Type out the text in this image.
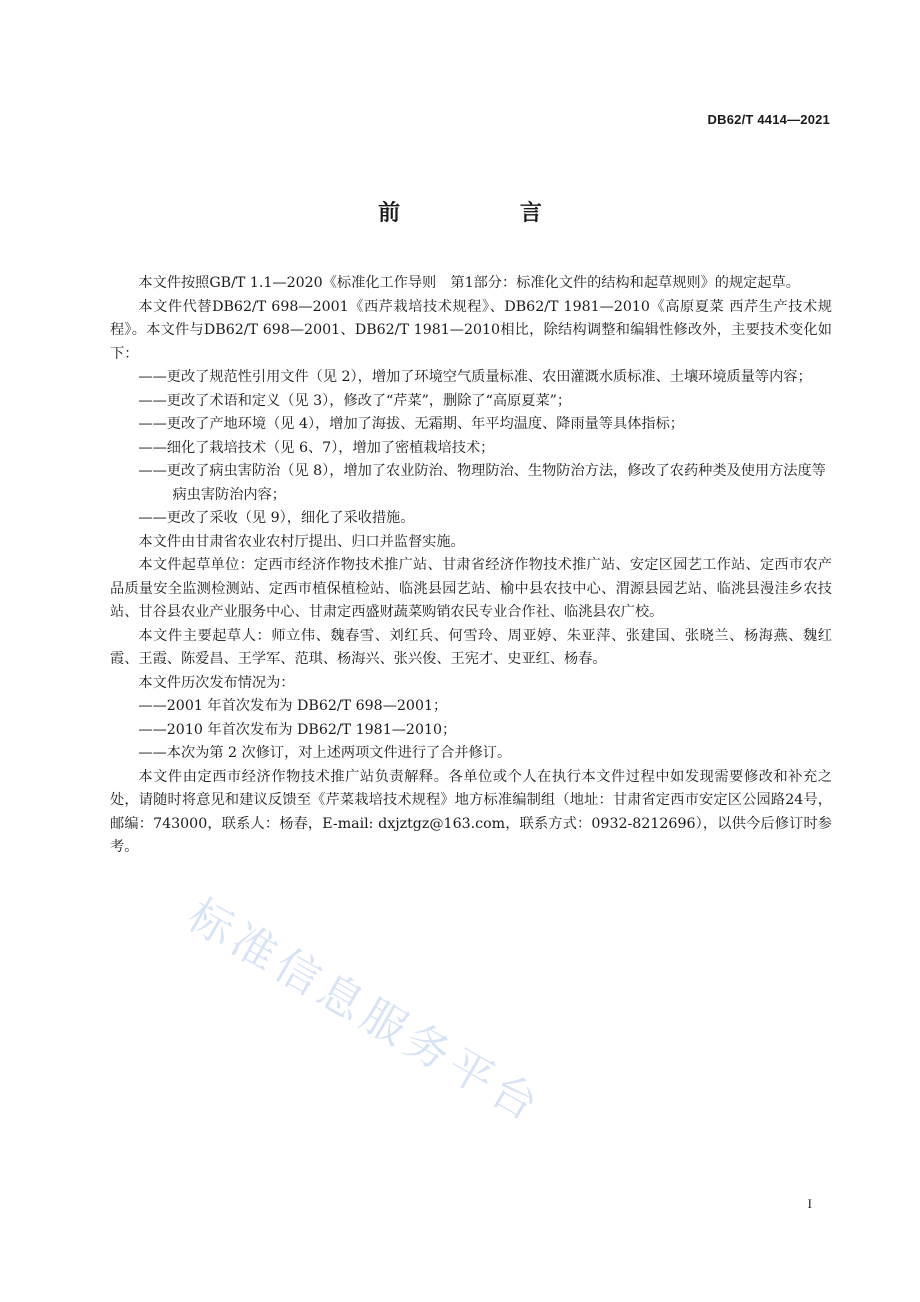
DB62/T 4414—2021
前 言

本文件按照GB/T 1.1—2020《标准化工作导则　第1部分：标准化文件的结构和起草规则》的规定起草。

本文件代替DB62/T 698—2001《西芹栽培技术规程》、DB62/T 1981—2010《高原夏菜 西芹生产技术规程》。本文件与DB62/T 698—2001、DB62/T 1981—2010相比，除结构调整和编辑性修改外，主要技术变化如下：

——更改了规范性引用文件（见 2），增加了环境空气质量标准、农田灌溉水质标准、土壤环境质量等内容；

——更改了术语和定义（见 3），修改了“芹菜”，删除了“高原夏菜”；

——更改了产地环境（见 4），增加了海拔、无霜期、年平均温度、降雨量等具体指标；

——细化了栽培技术（见 6、7），增加了密植栽培技术；

——更改了病虫害防治（见 8），增加了农业防治、物理防治、生物防治方法，修改了农药种类及使用方法度等病虫害防治内容；

——更改了采收（见 9），细化了采收措施。

本文件由甘肃省农业农村厅提出、归口并监督实施。

本文件起草单位：定西市经济作物技术推广站、甘肃省经济作物技术推广站、安定区园艺工作站、定西市农产品质量安全监测检测站、定西市植保植检站、临洮县园艺站、榆中县农技中心、渭源县园艺站、临洮县漫洼乡农技站、甘谷县农业产业服务中心、甘肃定西盛财蔬菜购销农民专业合作社、临洮县农广校。

本文件主要起草人：师立伟、魏春雪、刘红兵、何雪玲、周亚婷、朱亚萍、张建国、张晓兰、杨海燕、魏红霞、王霞、陈爱昌、王学军、范琪、杨海兴、张兴俊、王宪才、史亚红、杨春。

本文件历次发布情况为：

——2001 年首次发布为 DB62/T 698—2001；

——2010 年首次发布为 DB62/T 1981—2010；

——本次为第 2 次修订，对上述两项文件进行了合并修订。

本文件由定西市经济作物技术推广站负责解释。各单位或个人在执行本文件过程中如发现需要修改和补充之处，请随时将意见和建议反馈至《芹菜栽培技术规程》地方标准编制组（地址：甘肃省定西市安定区公园路24号，邮编：743000，联系人：杨春，E-mail: dxjztgz@163.com，联系方式：0932-8212696），以供今后修订时参考。

标准信息服务平台
I
